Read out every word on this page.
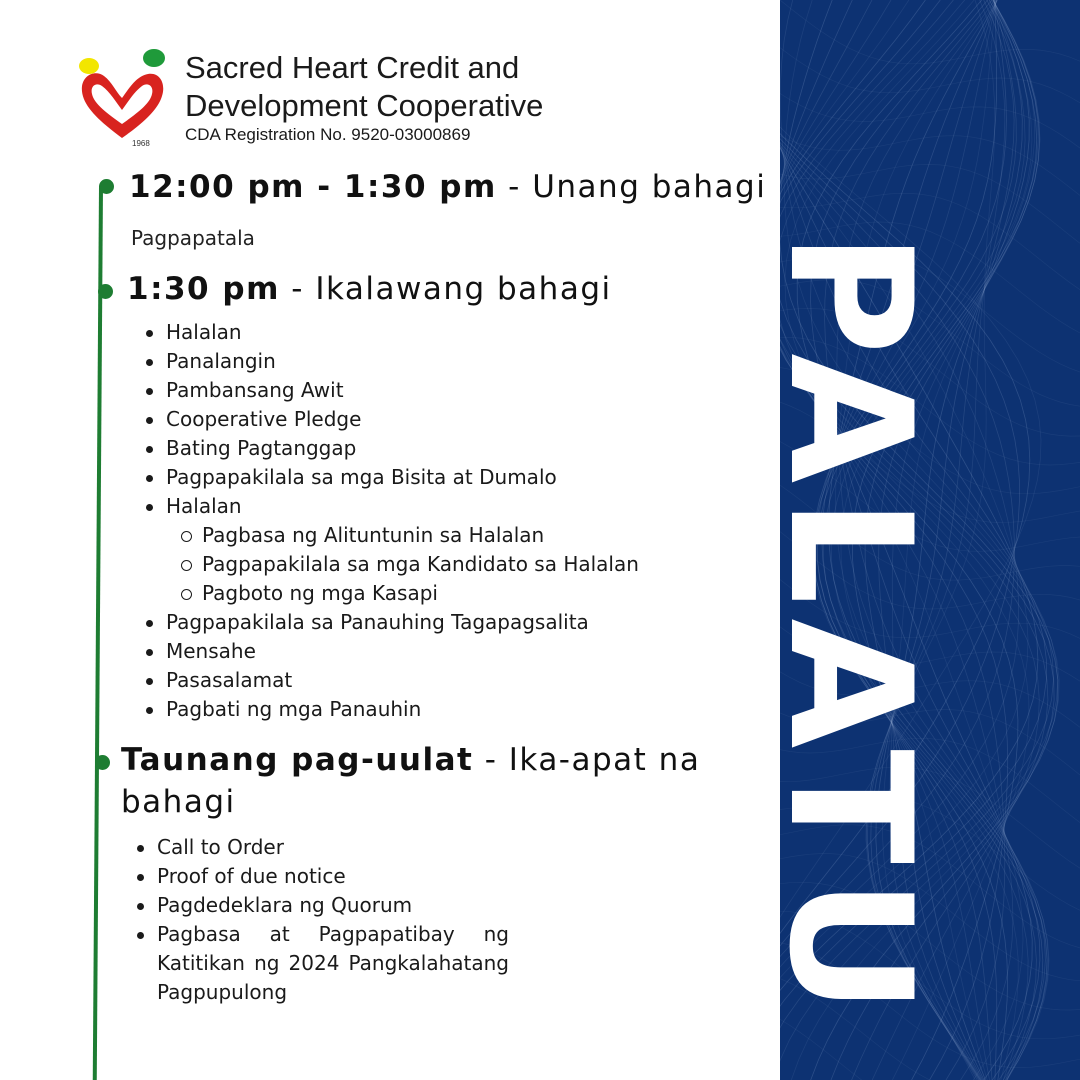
PALATU
1968
Sacred Heart Credit and
Development Cooperative
CDA Registration No. 9520-03000869
12:00 pm - 1:30 pm - Unang bahagi
Pagpapatala
1:30 pm - Ikalawang bahagi
Halalan
Panalangin
Pambansang Awit
Cooperative Pledge
Bating Pagtanggap
Pagpapakilala sa mga Bisita at Dumalo
Halalan
Pagbasa ng Alituntunin sa Halalan
Pagpapakilala sa mga Kandidato sa Halalan
Pagboto ng mga Kasapi
Pagpapakilala sa Panauhing Tagapagsalita
Mensahe
Pasasalamat
Pagbati ng mga Panauhin
Taunang pag-uulat - Ika-apat na bahagi
Call to Order
Proof of due notice
Pagdedeklara ng Quorum
Pagbasa at Pagpapatibay ng Katitikan ng 2024 Pangkalahatang Pagpupulong
